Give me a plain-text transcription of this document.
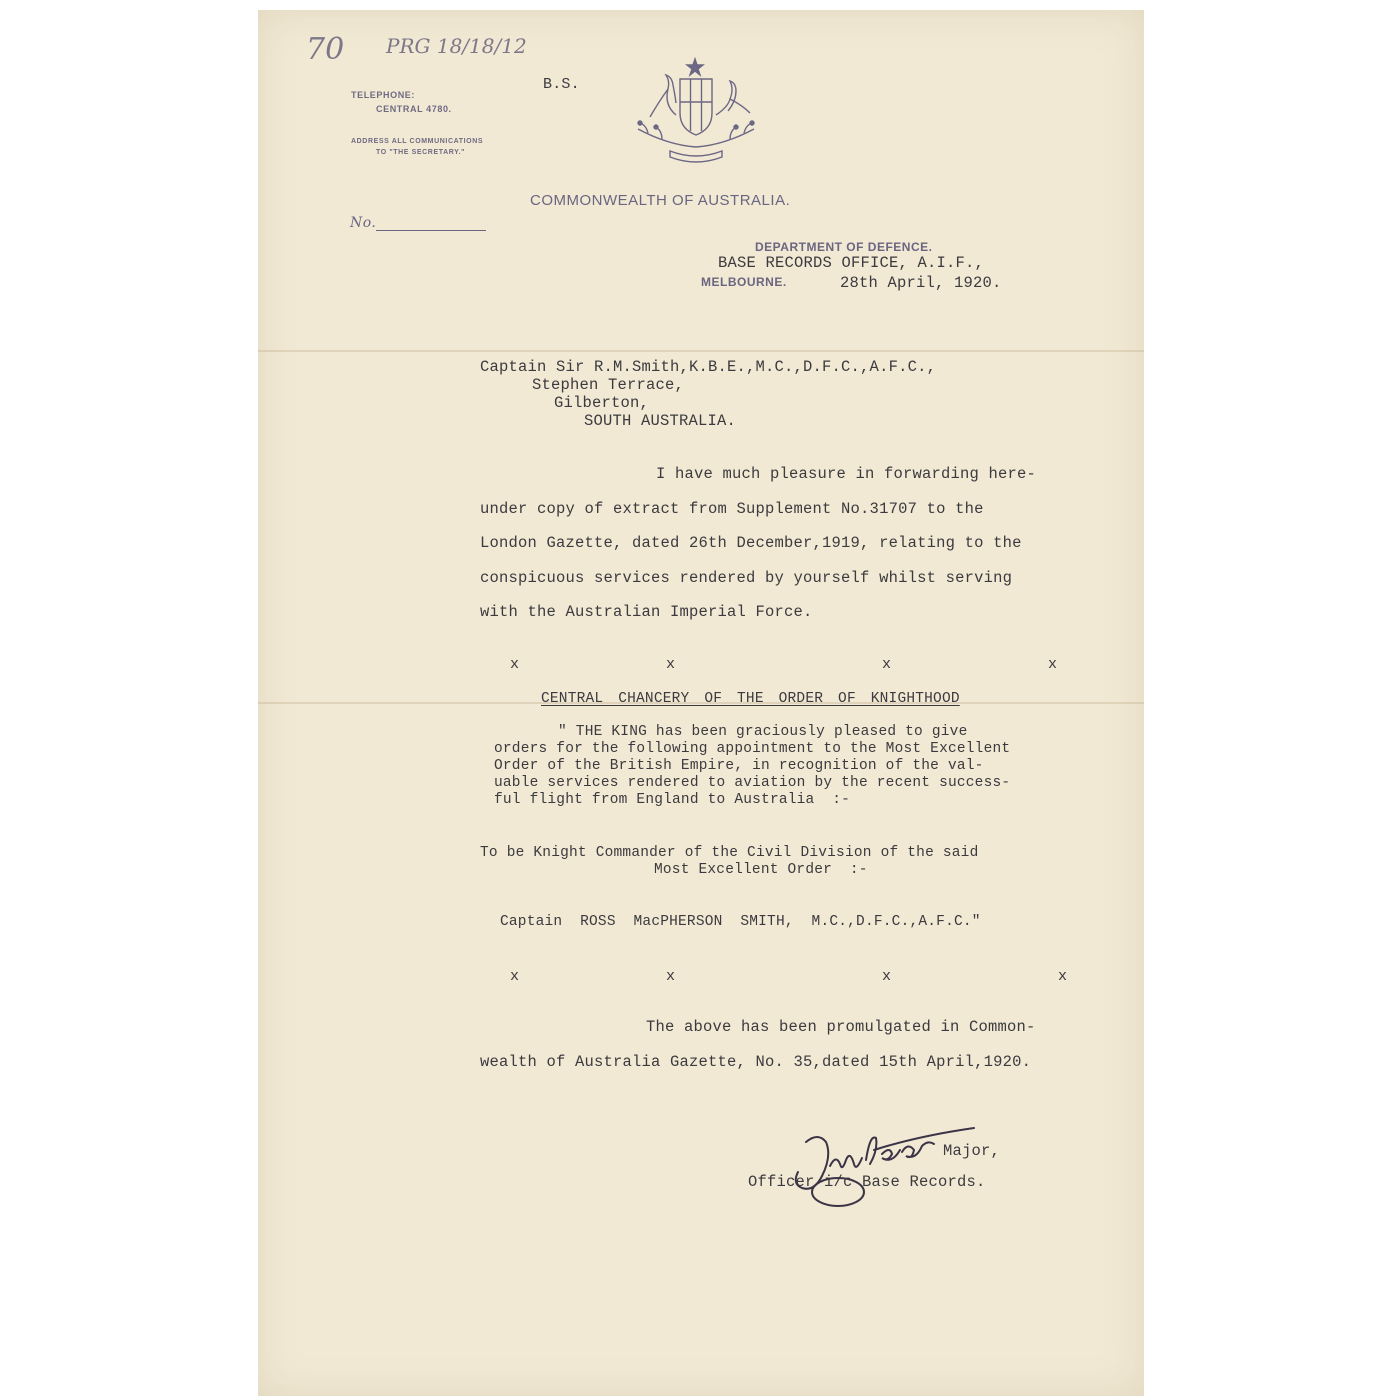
70 PRG 18/18/12
TELEPHONE:
CENTRAL 4780.
ADDRESS ALL COMMUNICATIONS
TO "THE SECRETARY."
B.S.
No.
COMMONWEALTH OF AUSTRALIA.
DEPARTMENT OF DEFENCE.
BASE RECORDS OFFICE, A.I.F.,
MELBOURNE.	28th April, 1920.
Captain Sir R.M.Smith,K.B.E.,M.C.,D.F.C.,A.F.C.,
Stephen Terrace,
Gilberton,
SOUTH AUSTRALIA.
I have much pleasure in forwarding here-
under copy of extract from Supplement No.31707 to the
London Gazette, dated 26th December,1919, relating to the
conspicuous services rendered by yourself whilst serving
with the Australian Imperial Force.
x	x	x	x
CENTRAL CHANCERY OF THE ORDER OF KNIGHTHOOD
" THE KING has been graciously pleased to give
orders for the following appointment to the Most Excellent
Order of the British Empire, in recognition of the val-
uable services rendered to aviation by the recent success-
ful flight from England to Australia  :-
To be Knight Commander of the Civil Division of the said
Most Excellent Order  :-
Captain  ROSS  MacPHERSON  SMITH,  M.C.,D.F.C.,A.F.C."
x	x	x	x
The above has been promulgated in Common-
wealth of Australia Gazette, No. 35,dated 15th April,1920.
Major,
Officer i/c Base Records.
